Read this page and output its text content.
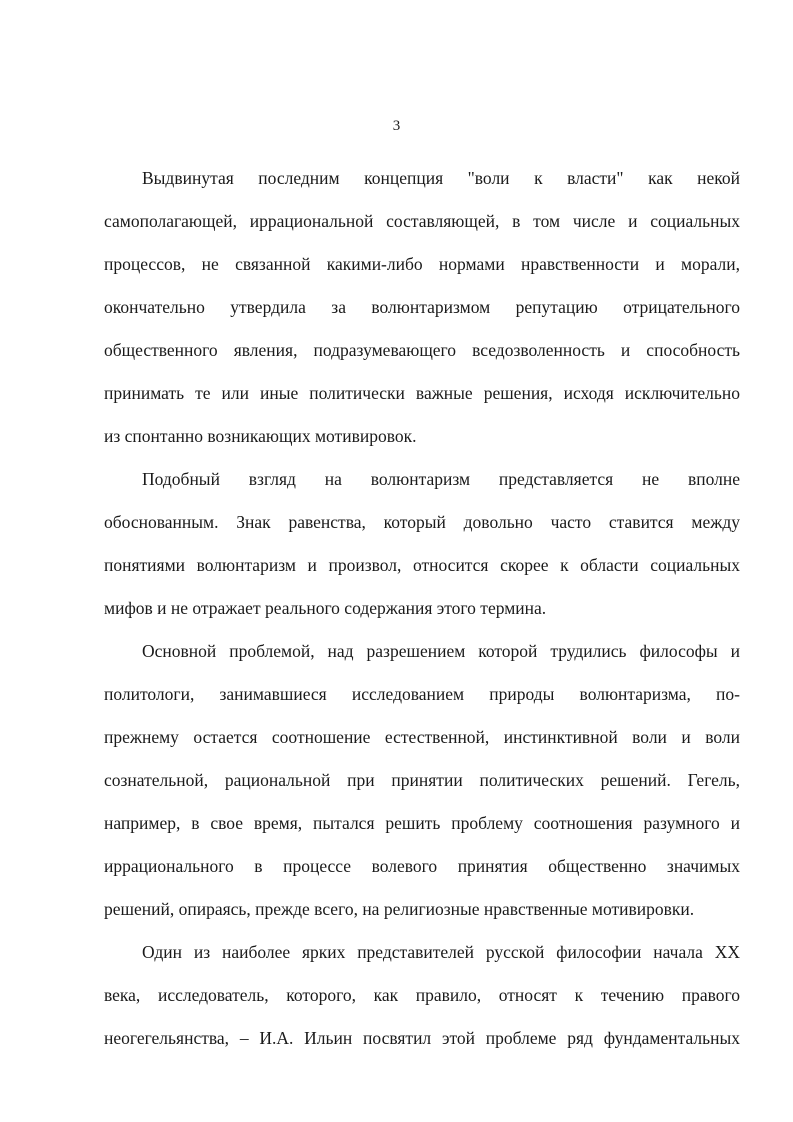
3
Выдвинутая последним концепция "воли к власти" как некой
самополагающей, иррациональной составляющей, в том числе и социальных
процессов, не связанной какими-либо нормами нравственности и морали,
окончательно утвердила за волюнтаризмом репутацию отрицательного
общественного явления, подразумевающего вседозволенность и способность
принимать те или иные политически важные решения, исходя исключительно
из спонтанно возникающих мотивировок.
Подобный взгляд на волюнтаризм представляется не вполне
обоснованным. Знак равенства, который довольно часто ставится между
понятиями волюнтаризм и произвол, относится скорее к области социальных
мифов и не отражает реального содержания этого термина.
Основной проблемой, над разрешением которой трудились философы и
политологи, занимавшиеся исследованием природы волюнтаризма, по-
прежнему остается соотношение естественной, инстинктивной воли и воли
сознательной, рациональной при принятии политических решений. Гегель,
например, в свое время, пытался решить проблему соотношения разумного и
иррационального в процессе волевого принятия общественно значимых
решений, опираясь, прежде всего, на религиозные нравственные мотивировки.
Один из наиболее ярких представителей русской философии начала XX
века, исследователь, которого, как правило, относят к течению правого
неогегельянства, – И.А. Ильин посвятил этой проблеме ряд фундаментальных
